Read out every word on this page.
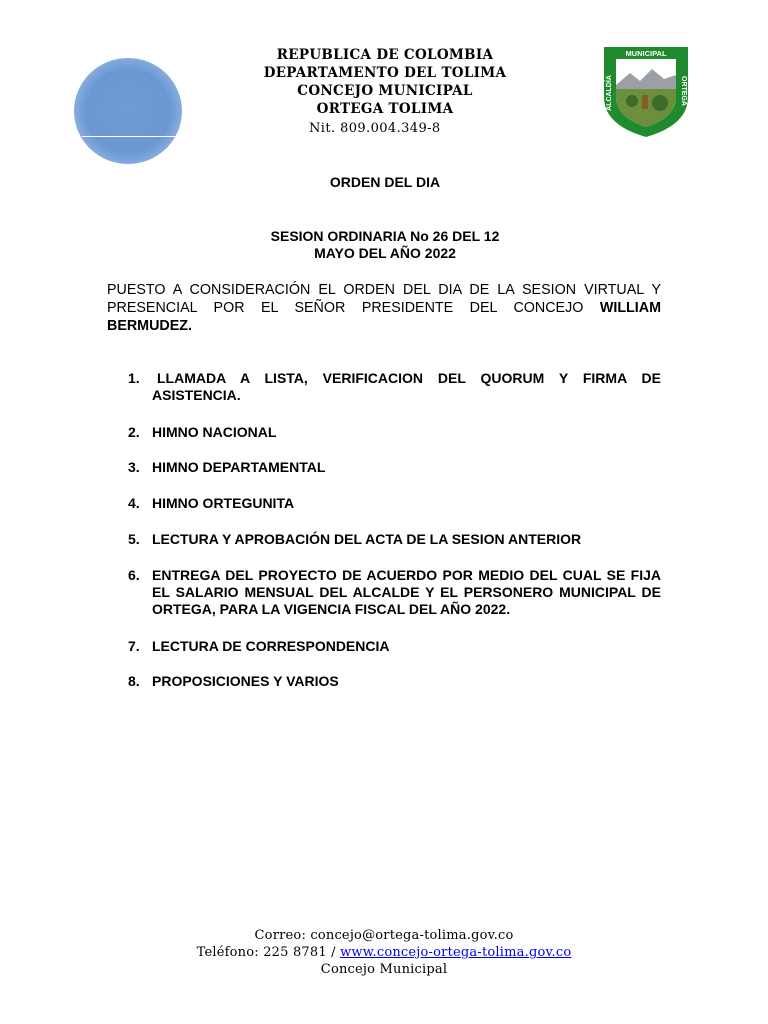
MUNICIPAL
ALCALDÍA	ORTEGA
REPUBLICA DE COLOMBIA
DEPARTAMENTO DEL TOLIMA
CONCEJO MUNICIPAL
ORTEGA TOLIMA
Nit. 809.004.349-8
ORDEN DEL DIA
SESION ORDINARIA No 26 DEL 12
MAYO DEL AÑO 2022
PUESTO A CONSIDERACIÓN EL ORDEN DEL DIA DE LA SESION VIRTUAL Y PRESENCIAL POR EL SEÑOR PRESIDENTE DEL CONCEJO WILLIAM BERMUDEZ.
1.	LLAMADA A LISTA, VERIFICACION DEL QUORUM Y FIRMA DE ASISTENCIA.
2. HIMNO NACIONAL
3. HIMNO DEPARTAMENTAL
4. HIMNO ORTEGUNITA
5. LECTURA Y APROBACIÓN DEL ACTA DE LA SESION ANTERIOR
6. ENTREGA DEL PROYECTO DE ACUERDO POR MEDIO DEL CUAL SE FIJA EL SALARIO MENSUAL DEL ALCALDE Y EL PERSONERO MUNICIPAL DE ORTEGA, PARA LA VIGENCIA FISCAL DEL AÑO 2022.
7. LECTURA DE CORRESPONDENCIA
8. PROPOSICIONES Y VARIOS
Correo: concejo@ortega-tolima.gov.co
Teléfono: 225 8781 / www.concejo-ortega-tolima.gov.co
Concejo Municipal
